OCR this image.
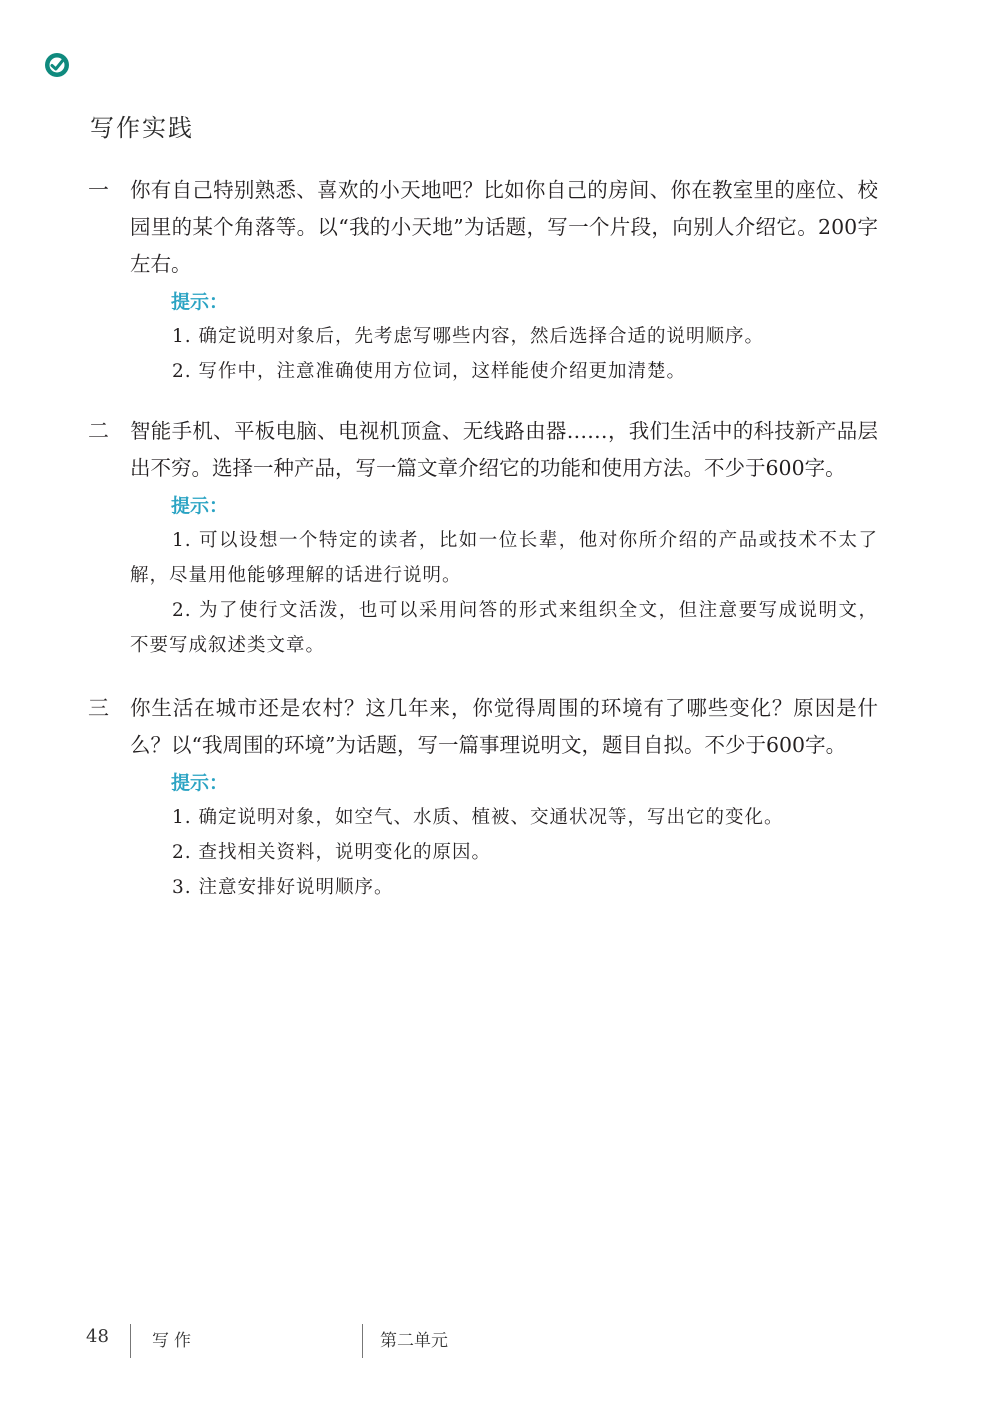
写作实践
一 你有自己特别熟悉、喜欢的小天地吧？比如你自己的房间、你在教室里的座位、校园里的某个角落等。以“我的小天地”为话题，写一个片段，向别人介绍它。200字左右。
提示：
1. 确定说明对象后，先考虑写哪些内容，然后选择合适的说明顺序。
2. 写作中，注意准确使用方位词，这样能使介绍更加清楚。
二 智能手机、平板电脑、电视机顶盒、无线路由器……，我们生活中的科技新产品层出不穷。选择一种产品，写一篇文章介绍它的功能和使用方法。不少于600字。
提示：
1. 可以设想一个特定的读者，比如一位长辈，他对你所介绍的产品或技术不太了解，尽量用他能够理解的话进行说明。
2. 为了使行文活泼，也可以采用问答的形式来组织全文，但注意要写成说明文，不要写成叙述类文章。
三 你生活在城市还是农村？这几年来，你觉得周围的环境有了哪些变化？原因是什么？以“我周围的环境”为话题，写一篇事理说明文，题目自拟。不少于600字。
提示：
1. 确定说明对象，如空气、水质、植被、交通状况等，写出它的变化。
2. 查找相关资料，说明变化的原因。
3. 注意安排好说明顺序。
48	写作	第二单元
